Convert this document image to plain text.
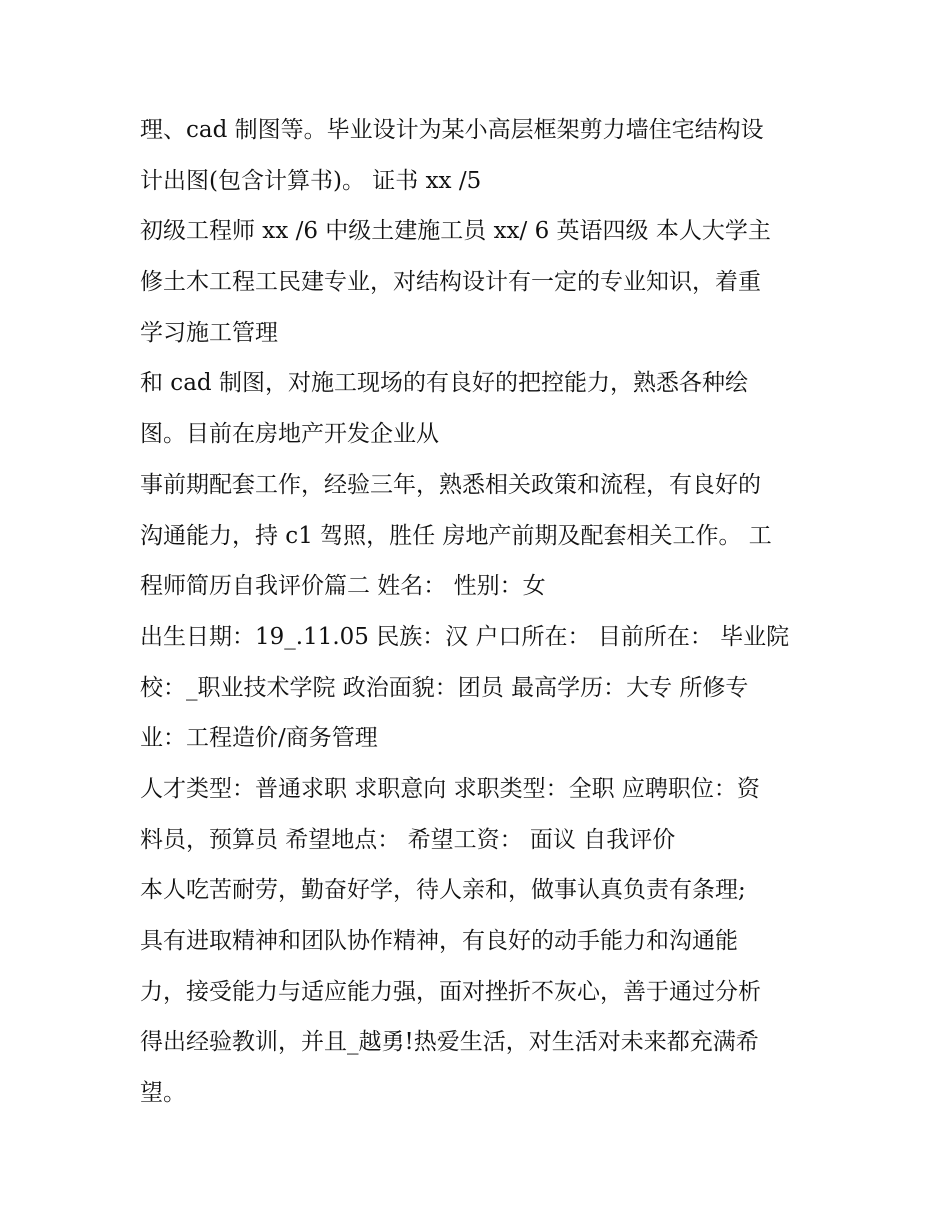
理、cad 制图等。毕业设计为某小高层框架剪力墙住宅结构设
计出图(包含计算书)。 证书 xx /5
初级工程师 xx /6 中级土建施工员 xx/ 6 英语四级 本人大学主
修土木工程工民建专业，对结构设计有一定的专业知识，着重
学习施工管理
和 cad 制图，对施工现场的有良好的把控能力，熟悉各种绘
图。目前在房地产开发企业从
事前期配套工作，经验三年，熟悉相关政策和流程，有良好的
沟通能力，持 c1 驾照，胜任 房地产前期及配套相关工作。 工
程师简历自我评价篇二 姓名： 性别：女
出生日期：19_.11.05 民族：汉 户口所在： 目前所在： 毕业院
校：_职业技术学院 政治面貌：团员 最高学历：大专 所修专
业：工程造价/商务管理
人才类型：普通求职 求职意向 求职类型：全职 应聘职位：资
料员，预算员 希望地点： 希望工资： 面议 自我评价
本人吃苦耐劳，勤奋好学，待人亲和，做事认真负责有条理;
具有进取精神和团队协作精神，有良好的动手能力和沟通能
力，接受能力与适应能力强，面对挫折不灰心，善于通过分析
得出经验教训，并且_越勇!热爱生活，对生活对未来都充满希
望。
